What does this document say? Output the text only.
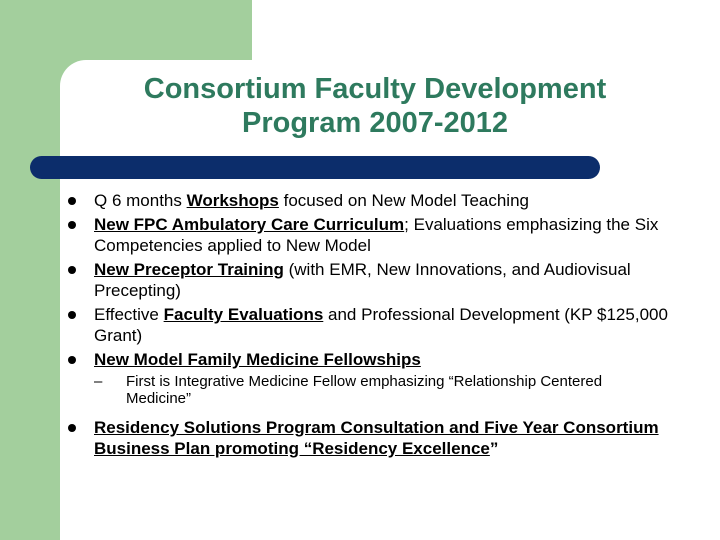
Consortium Faculty Development
Program 2007-2012
Q 6 months Workshops focused on New Model Teaching
New FPC Ambulatory Care Curriculum; Evaluations emphasizing the Six Competencies applied to New Model
New Preceptor Training (with EMR, New Innovations, and Audiovisual Precepting)
Effective Faculty Evaluations and Professional Development (KP $125,000 Grant)
New Model Family Medicine Fellowships
– First is Integrative Medicine Fellow emphasizing “Relationship Centered Medicine”
Residency Solutions Program Consultation and Five Year Consortium Business Plan promoting “Residency Excellence”
